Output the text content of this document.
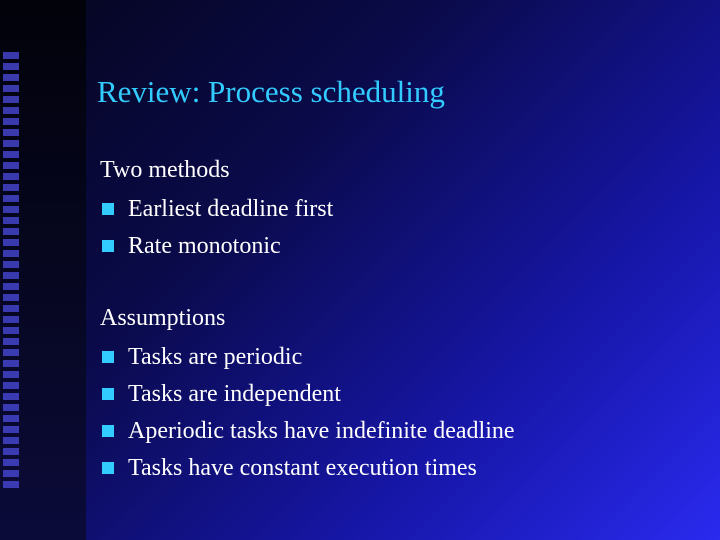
Review: Process scheduling
Two methods
Earliest deadline first
Rate monotonic
Assumptions
Tasks are periodic
Tasks are independent
Aperiodic tasks have indefinite deadline
Tasks have constant execution times
